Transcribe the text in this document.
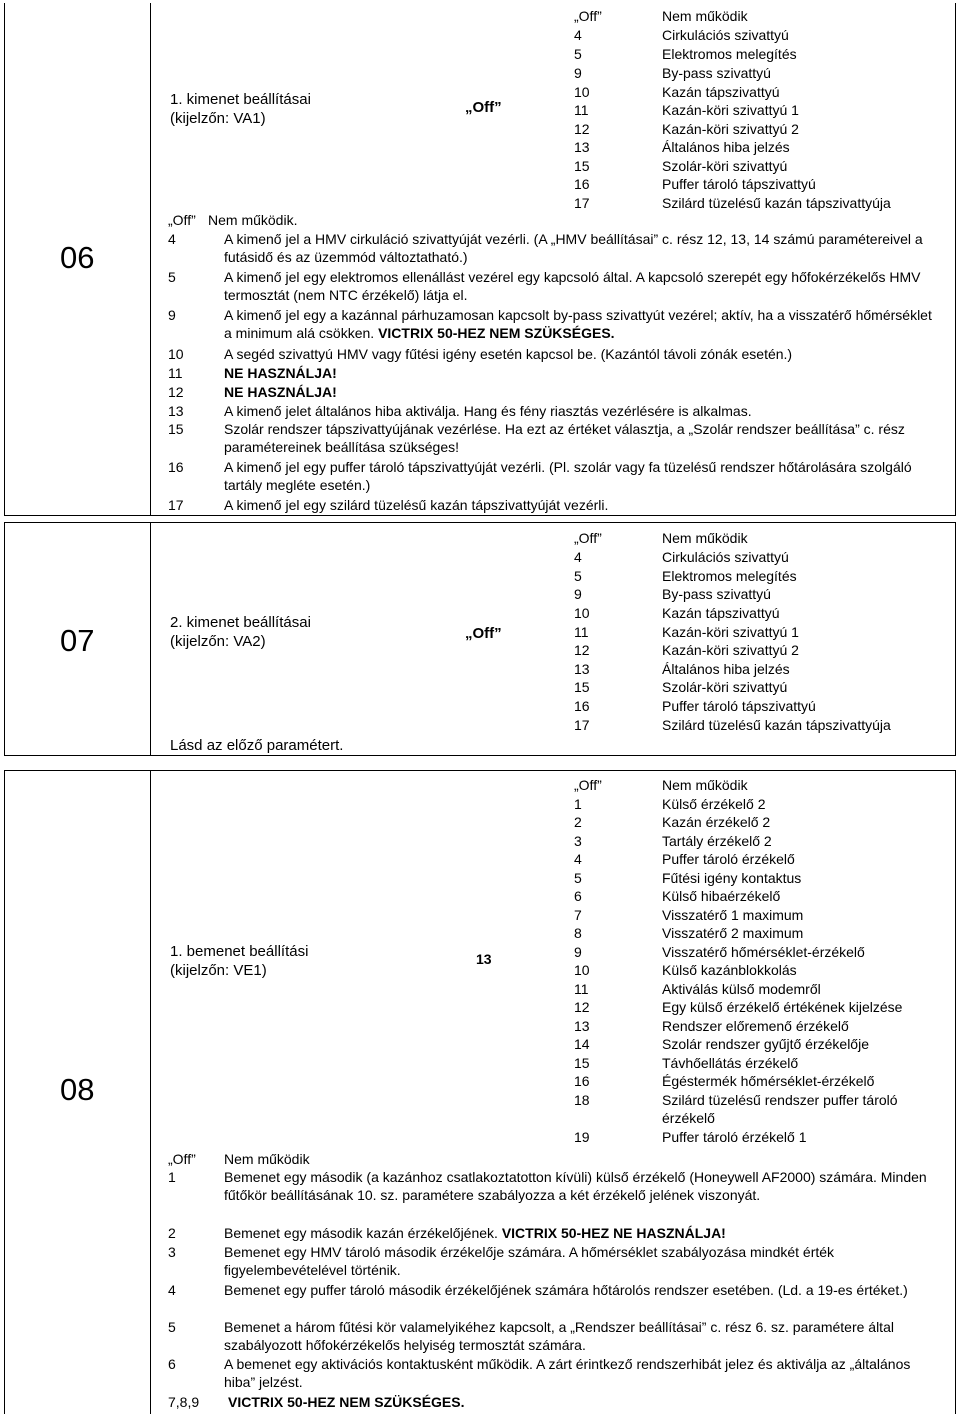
06
1. kimenet beállításai
(kijelzőn: VA1)
„Off”
„Off”	Nem működik
4	Cirkulációs szivattyú
5	Elektromos melegítés
9	By-pass szivattyú
10	Kazán tápszivattyú
11	Kazán-köri szivattyú 1
12	Kazán-köri szivattyú 2
13	Általános hiba jelzés
15	Szolár-köri szivattyú
16	Puffer tároló tápszivattyú
17	Szilárd tüzelésű kazán tápszivattyúja
„Off” Nem működik.
4	A kimenő jel a HMV cirkuláció szivattyúját vezérli. (A „HMV beállításai” c. rész 12, 13, 14 számú paramétereivel a futásidő és az üzemmód változtatható.)
5	A kimenő jel egy elektromos ellenállást vezérel egy kapcsoló által. A kapcsoló szerepét egy hőfokérzékelős HMV termosztát (nem NTC érzékelő) látja el.
9	A kimenő jel egy a kazánnal párhuzamosan kapcsolt by-pass szivattyút vezérel; aktív, ha a visszatérő hőmérséklet a minimum alá csökken. VICTRIX 50-HEZ NEM SZÜKSÉGES.
10	A segéd szivattyú HMV vagy fűtési igény esetén kapcsol be. (Kazántól távoli zónák esetén.)
11	NE HASZNÁLJA!
12	NE HASZNÁLJA!
13	A kimenő jelet általános hiba aktiválja. Hang és fény riasztás vezérlésére is alkalmas.
15	Szolár rendszer tápszivattyújának vezérlése. Ha ezt az értéket választja, a „Szolár rendszer beállítása” c. rész paramétereinek beállítása szükséges!
16	A kimenő jel egy puffer tároló tápszivattyúját vezérli. (Pl. szolár vagy fa tüzelésű rendszer hőtárolására szolgáló tartály megléte esetén.)
17	A kimenő jel egy szilárd tüzelésű kazán tápszivattyúját vezérli.
07
2. kimenet beállításai
(kijelzőn: VA2)
Lásd az előző paramétert.
„Off”
„Off”	Nem működik
4	Cirkulációs szivattyú
5	Elektromos melegítés
9	By-pass szivattyú
10	Kazán tápszivattyú
11	Kazán-köri szivattyú 1
12	Kazán-köri szivattyú 2
13	Általános hiba jelzés
15	Szolár-köri szivattyú
16	Puffer tároló tápszivattyú
17	Szilárd tüzelésű kazán tápszivattyúja
08
1. bemenet beállítási
(kijelzőn: VE1)
13
„Off”	Nem működik
1	Külső érzékelő 2
2	Kazán érzékelő 2
3	Tartály érzékelő 2
4	Puffer tároló érzékelő
5	Fűtési igény kontaktus
6	Külső hibaérzékelő
7	Visszatérő 1 maximum
8	Visszatérő 2 maximum
9	Visszatérő hőmérséklet-érzékelő
10	Külső kazánblokkolás
11	Aktiválás külső modemről
12	Egy külső érzékelő értékének kijelzése
13	Rendszer előremenő érzékelő
14	Szolár rendszer gyűjtő érzékelője
15	Távhőellátás érzékelő
16	Égéstermék hőmérséklet-érzékelő
18	Szilárd tüzelésű rendszer puffer tároló érzékelő
19	Puffer tároló érzékelő 1
„Off”	Nem működik
1	Bemenet egy második (a kazánhoz csatlakoztatotton kívüli) külső érzékelő (Honeywell AF2000) számára. Minden fűtőkör beállításának 10. sz. paramétere szabályozza a két érzékelő jelének viszonyát.
2	Bemenet egy második kazán érzékelőjének. VICTRIX 50-HEZ NE HASZNÁLJA!
3	Bemenet egy HMV tároló második érzékelője számára. A hőmérséklet szabályozása mindkét érték figyelembevételével történik.
4	Bemenet egy puffer tároló második érzékelőjének számára hőtárolós rendszer esetében. (Ld. a 19-es értéket.)
5	Bemenet a három fűtési kör valamelyikéhez kapcsolt, a „Rendszer beállításai” c. rész 6. sz. paramétere által szabályozott hőfokérzékelős helyiség termosztát számára.
6	A bemenet egy aktivációs kontaktusként működik. A zárt érintkező rendszerhibát jelez és aktiválja az „általános hiba” jelzést.
7,8,9	VICTRIX 50-HEZ NEM SZÜKSÉGES.
